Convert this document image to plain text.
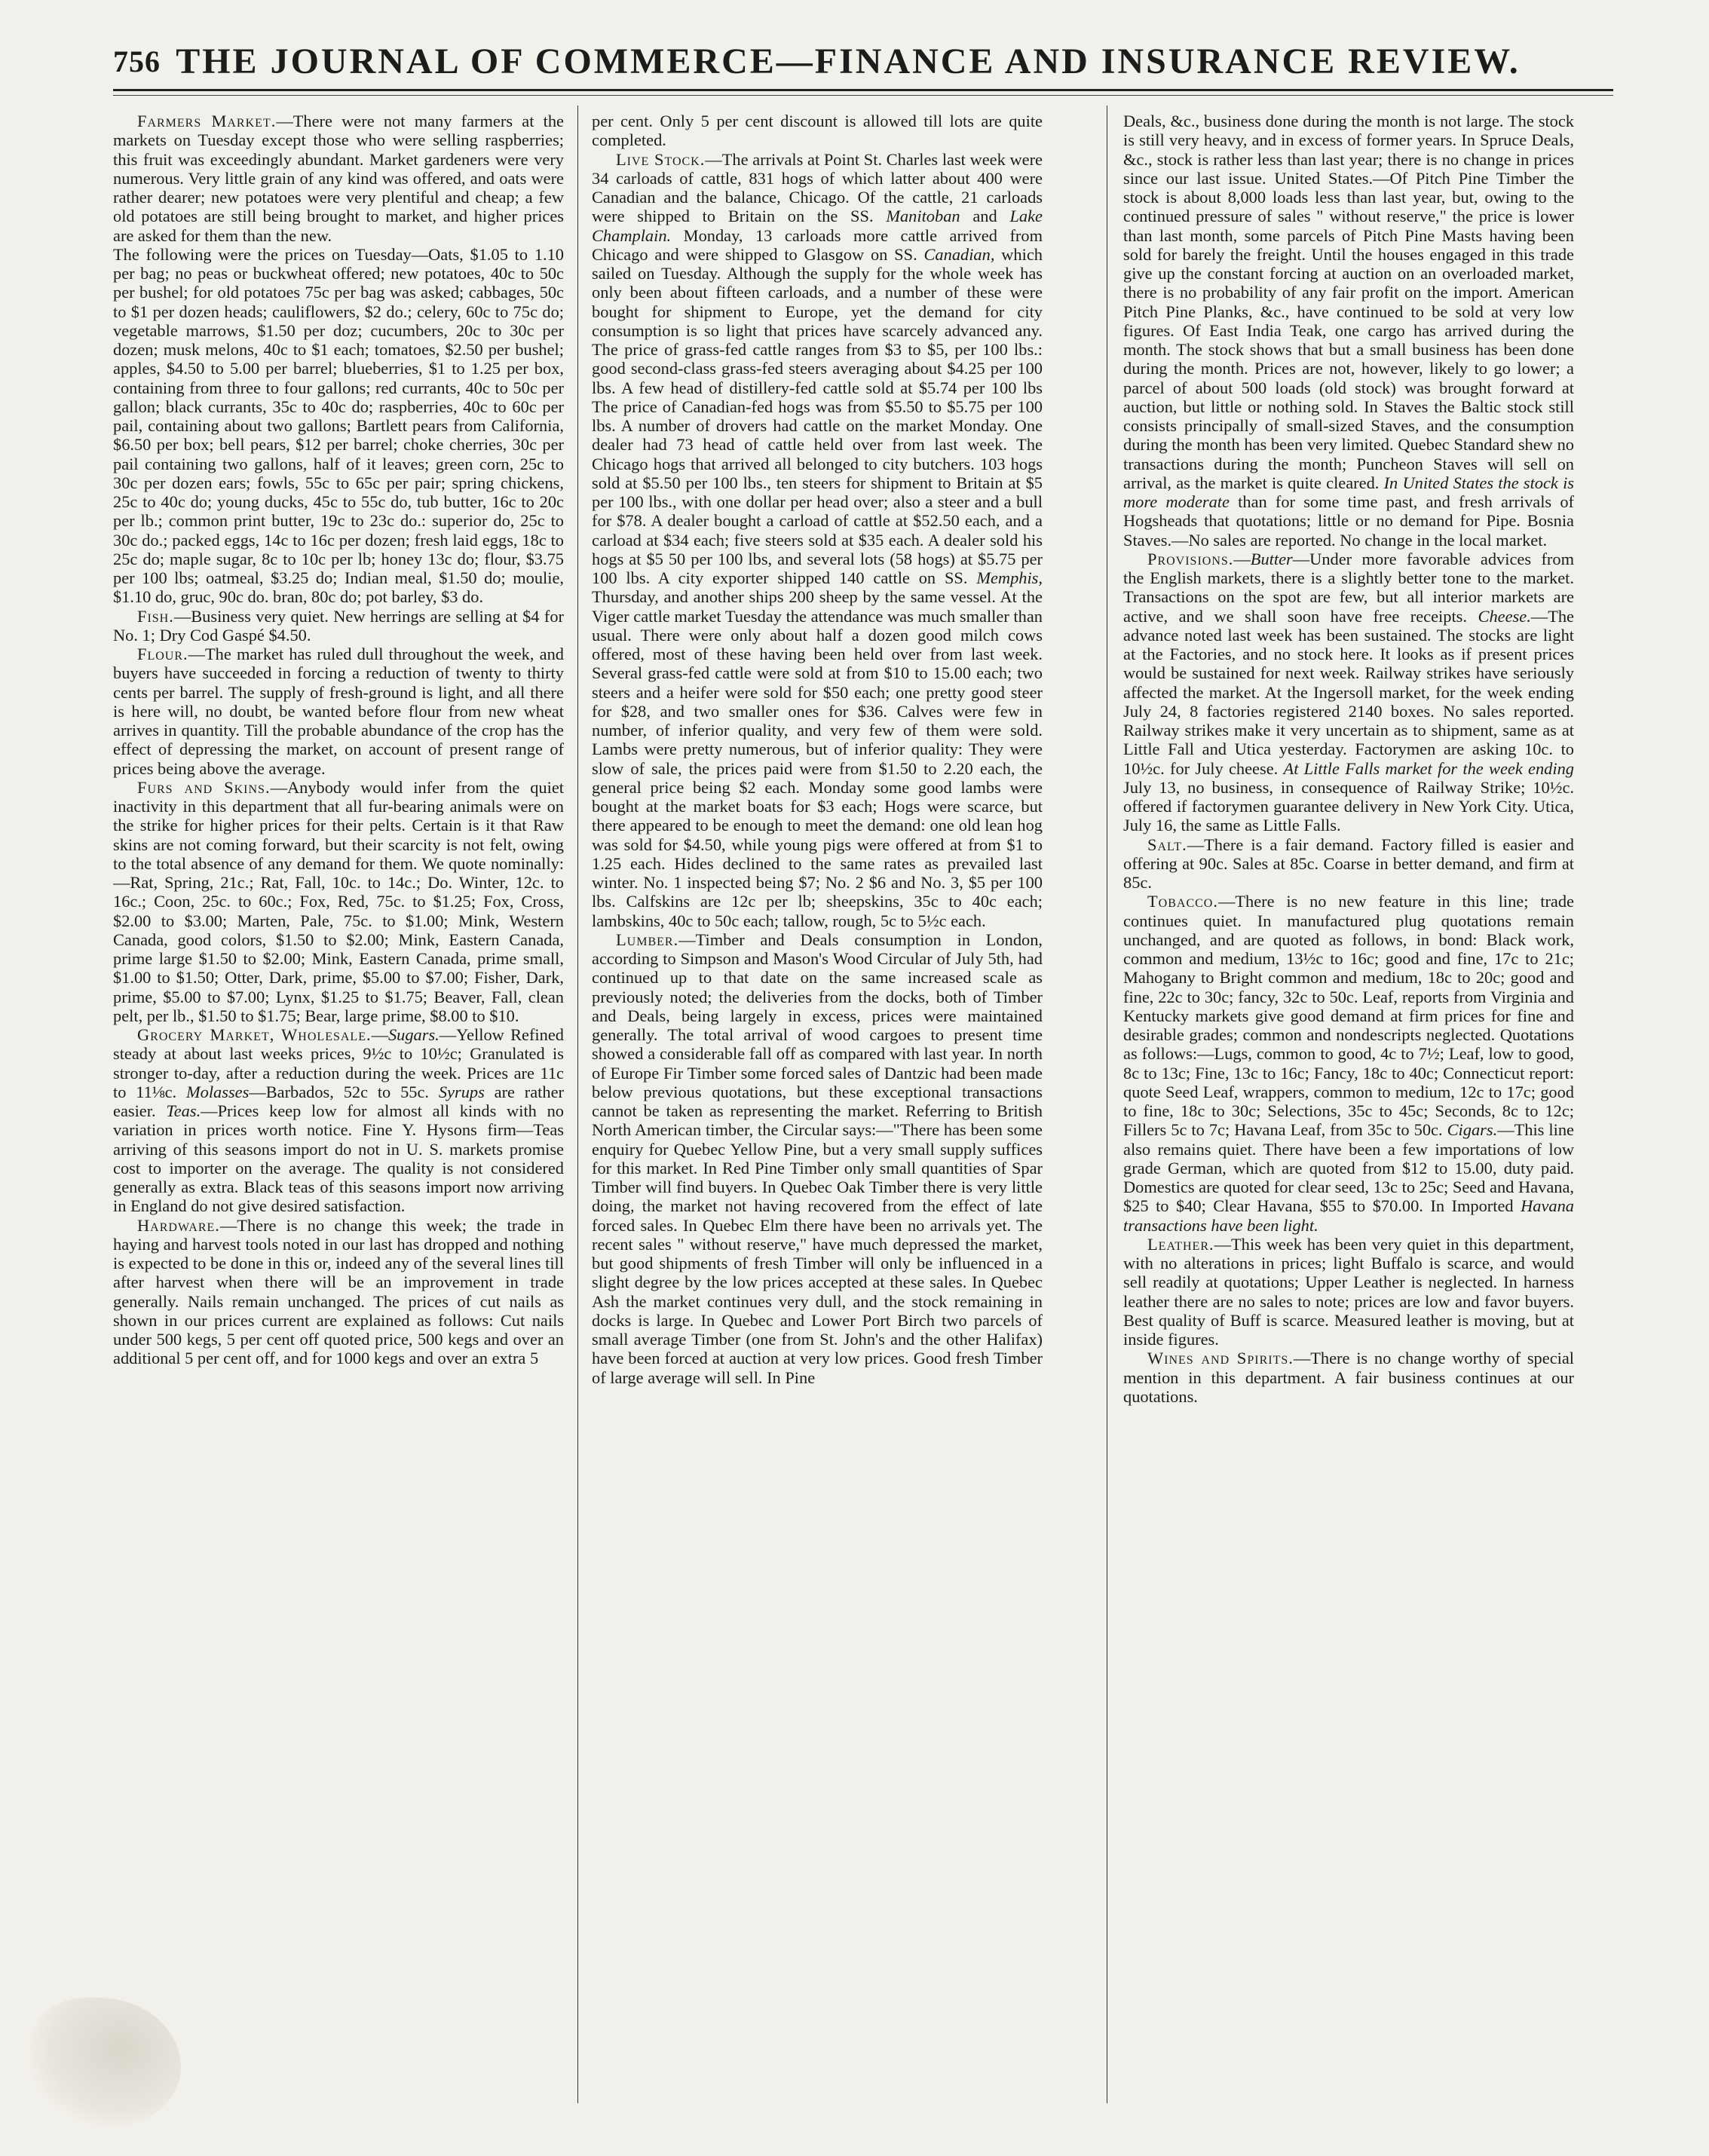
756 THE JOURNAL OF COMMERCE—FINANCE AND INSURANCE REVIEW.

Farmers Market.—There were not many farmers at the markets on Tuesday except those who were selling raspberries; this fruit was exceedingly abundant. Market gardeners were very numerous. Very little grain of any kind was offered, and oats were rather dearer; new potatoes were very plentiful and cheap; a few old potatoes are still being brought to market, and higher prices are asked for them than the new.

The following were the prices on Tuesday—Oats, $1.05 to 1.10 per bag; no peas or buckwheat offered; new potatoes, 40c to 50c per bushel; for old potatoes 75c per bag was asked; cabbages, 50c to $1 per dozen heads; cauliflowers, $2 do.; celery, 60c to 75c do; vegetable marrows, $1.50 per doz; cucumbers, 20c to 30c per dozen; musk melons, 40c to $1 each; tomatoes, $2.50 per bushel; apples, $4.50 to 5.00 per barrel; blueberries, $1 to 1.25 per box, containing from three to four gallons; red currants, 40c to 50c per gallon; black currants, 35c to 40c do; raspberries, 40c to 60c per pail, containing about two gallons; Bartlett pears from California, $6.50 per box; bell pears, $12 per barrel; choke cherries, 30c per pail containing two gallons, half of it leaves; green corn, 25c to 30c per dozen ears; fowls, 55c to 65c per pair; spring chickens, 25c to 40c do; young ducks, 45c to 55c do, tub butter, 16c to 20c per lb.; common print butter, 19c to 23c do.: superior do, 25c to 30c do.; packed eggs, 14c to 16c per dozen; fresh laid eggs, 18c to 25c do; maple sugar, 8c to 10c per lb; honey 13c do; flour, $3.75 per 100 lbs; oatmeal, $3.25 do; Indian meal, $1.50 do; moulie, $1.10 do, gruc, 90c do. bran, 80c do; pot barley, $3 do.

Fish.—Business very quiet. New herrings are selling at $4 for No. 1; Dry Cod Gaspé $4.50.

Flour.—The market has ruled dull throughout the week, and buyers have succeeded in forcing a reduction of twenty to thirty cents per barrel. The supply of fresh-ground is light, and all there is here will, no doubt, be wanted before flour from new wheat arrives in quantity. Till the probable abundance of the crop has the effect of depressing the market, on account of present range of prices being above the average.

Furs and Skins.—Anybody would infer from the quiet inactivity in this department that all fur-bearing animals were on the strike for higher prices for their pelts. Certain is it that Raw skins are not coming forward, but their scarcity is not felt, owing to the total absence of any demand for them. We quote nominally:—Rat, Spring, 21c.; Rat, Fall, 10c. to 14c.; Do. Winter, 12c. to 16c.; Coon, 25c. to 60c.; Fox, Red, 75c. to $1.25; Fox, Cross, $2.00 to $3.00; Marten, Pale, 75c. to $1.00; Mink, Western Canada, good colors, $1.50 to $2.00; Mink, Eastern Canada, prime large $1.50 to $2.00; Mink, Eastern Canada, prime small, $1.00 to $1.50; Otter, Dark, prime, $5.00 to $7.00; Fisher, Dark, prime, $5.00 to $7.00; Lynx, $1.25 to $1.75; Beaver, Fall, clean pelt, per lb., $1.50 to $1.75; Bear, large prime, $8.00 to $10.

Grocery Market, Wholesale.—Sugars.—Yellow Refined steady at about last weeks prices, 9½c to 10½c; Granulated is stronger to-day, after a reduction during the week. Prices are 11c to 11⅛c. Molasses—Barbados, 52c to 55c. Syrups are rather easier. Teas.—Prices keep low for almost all kinds with no variation in prices worth notice. Fine Y. Hysons firm—Teas arriving of this seasons import do not in U. S. markets promise cost to importer on the average. The quality is not considered generally as extra. Black teas of this seasons import now arriving in England do not give desired satisfaction.

Hardware.—There is no change this week; the trade in haying and harvest tools noted in our last has dropped and nothing is expected to be done in this or, indeed any of the several lines till after harvest when there will be an improvement in trade generally. Nails remain unchanged. The prices of cut nails as shown in our prices current are explained as follows: Cut nails under 500 kegs, 5 per cent off quoted price, 500 kegs and over an additional 5 per cent off, and for 1000 kegs and over an extra 5

per cent. Only 5 per cent discount is allowed till lots are quite completed.

Live Stock.—The arrivals at Point St. Charles last week were 34 carloads of cattle, 831 hogs of which latter about 400 were Canadian and the balance, Chicago. Of the cattle, 21 carloads were shipped to Britain on the SS. Manitoban and Lake Champlain. Monday, 13 carloads more cattle arrived from Chicago and were shipped to Glasgow on SS. Canadian, which sailed on Tuesday. Although the supply for the whole week has only been about fifteen carloads, and a number of these were bought for shipment to Europe, yet the demand for city consumption is so light that prices have scarcely advanced any. The price of grass-fed cattle ranges from $3 to $5, per 100 lbs.: good second-class grass-fed steers averaging about $4.25 per 100 lbs. A few head of distillery-fed cattle sold at $5.74 per 100 lbs The price of Canadian-fed hogs was from $5.50 to $5.75 per 100 lbs. A number of drovers had cattle on the market Monday. One dealer had 73 head of cattle held over from last week. The Chicago hogs that arrived all belonged to city butchers. 103 hogs sold at $5.50 per 100 lbs., ten steers for shipment to Britain at $5 per 100 lbs., with one dollar per head over; also a steer and a bull for $78. A dealer bought a carload of cattle at $52.50 each, and a carload at $34 each; five steers sold at $35 each. A dealer sold his hogs at $5 50 per 100 lbs, and several lots (58 hogs) at $5.75 per 100 lbs. A city exporter shipped 140 cattle on SS. Memphis, Thursday, and another ships 200 sheep by the same vessel. At the Viger cattle market Tuesday the attendance was much smaller than usual. There were only about half a dozen good milch cows offered, most of these having been held over from last week. Several grass-fed cattle were sold at from $10 to 15.00 each; two steers and a heifer were sold for $50 each; one pretty good steer for $28, and two smaller ones for $36. Calves were few in number, of inferior quality, and very few of them were sold. Lambs were pretty numerous, but of inferior quality: They were slow of sale, the prices paid were from $1.50 to 2.20 each, the general price being $2 each. Monday some good lambs were bought at the market boats for $3 each; Hogs were scarce, but there appeared to be enough to meet the demand: one old lean hog was sold for $4.50, while young pigs were offered at from $1 to 1.25 each. Hides declined to the same rates as prevailed last winter. No. 1 inspected being $7; No. 2 $6 and No. 3, $5 per 100 lbs. Calfskins are 12c per lb; sheepskins, 35c to 40c each; lambskins, 40c to 50c each; tallow, rough, 5c to 5½c each.

Lumber.—Timber and Deals consumption in London, according to Simpson and Mason's Wood Circular of July 5th, had continued up to that date on the same increased scale as previously noted; the deliveries from the docks, both of Timber and Deals, being largely in excess, prices were maintained generally. The total arrival of wood cargoes to present time showed a considerable fall off as compared with last year. In north of Europe Fir Timber some forced sales of Dantzic had been made below previous quotations, but these exceptional transactions cannot be taken as representing the market. Referring to British North American timber, the Circular says:—"There has been some enquiry for Quebec Yellow Pine, but a very small supply suffices for this market. In Red Pine Timber only small quantities of Spar Timber will find buyers. In Quebec Oak Timber there is very little doing, the market not having recovered from the effect of late forced sales. In Quebec Elm there have been no arrivals yet. The recent sales " without reserve," have much depressed the market, but good shipments of fresh Timber will only be influenced in a slight degree by the low prices accepted at these sales. In Quebec Ash the market continues very dull, and the stock remaining in docks is large. In Quebec and Lower Port Birch two parcels of small average Timber (one from St. John's and the other Halifax) have been forced at auction at very low prices. Good fresh Timber of large average will sell. In Pine

Deals, &c., business done during the month is not large. The stock is still very heavy, and in excess of former years. In Spruce Deals, &c., stock is rather less than last year; there is no change in prices since our last issue. United States.—Of Pitch Pine Timber the stock is about 8,000 loads less than last year, but, owing to the continued pressure of sales " without reserve," the price is lower than last month, some parcels of Pitch Pine Masts having been sold for barely the freight. Until the houses engaged in this trade give up the constant forcing at auction on an overloaded market, there is no probability of any fair profit on the import. American Pitch Pine Planks, &c., have continued to be sold at very low figures. Of East India Teak, one cargo has arrived during the month. The stock shows that but a small business has been done during the month. Prices are not, however, likely to go lower; a parcel of about 500 loads (old stock) was brought forward at auction, but little or nothing sold. In Staves the Baltic stock still consists principally of small-sized Staves, and the consumption during the month has been very limited. Quebec Standard shew no transactions during the month; Puncheon Staves will sell on arrival, as the market is quite cleared. In United States the stock is more moderate than for some time past, and fresh arrivals of Hogsheads that quotations; little or no demand for Pipe. Bosnia Staves.—No sales are reported. No change in the local market.

Provisions.—Butter—Under more favorable advices from the English markets, there is a slightly better tone to the market. Transactions on the spot are few, but all interior markets are active, and we shall soon have free receipts. Cheese.—The advance noted last week has been sustained. The stocks are light at the Factories, and no stock here. It looks as if present prices would be sustained for next week. Railway strikes have seriously affected the market. At the Ingersoll market, for the week ending July 24, 8 factories registered 2140 boxes. No sales reported. Railway strikes make it very uncertain as to shipment, same as at Little Fall and Utica yesterday. Factorymen are asking 10c. to 10½c. for July cheese. At Little Falls market for the week ending July 13, no business, in consequence of Railway Strike; 10½c. offered if factorymen guarantee delivery in New York City. Utica, July 16, the same as Little Falls.

Salt.—There is a fair demand. Factory filled is easier and offering at 90c. Sales at 85c. Coarse in better demand, and firm at 85c.

Tobacco.—There is no new feature in this line; trade continues quiet. In manufactured plug quotations remain unchanged, and are quoted as follows, in bond: Black work, common and medium, 13½c to 16c; good and fine, 17c to 21c; Mahogany to Bright common and medium, 18c to 20c; good and fine, 22c to 30c; fancy, 32c to 50c. Leaf, reports from Virginia and Kentucky markets give good demand at firm prices for fine and desirable grades; common and nondescripts neglected. Quotations as follows:—Lugs, common to good, 4c to 7½; Leaf, low to good, 8c to 13c; Fine, 13c to 16c; Fancy, 18c to 40c; Connecticut report: quote Seed Leaf, wrappers, common to medium, 12c to 17c; good to fine, 18c to 30c; Selections, 35c to 45c; Seconds, 8c to 12c; Fillers 5c to 7c; Havana Leaf, from 35c to 50c. Cigars.—This line also remains quiet. There have been a few importations of low grade German, which are quoted from $12 to 15.00, duty paid. Domestics are quoted for clear seed, 13c to 25c; Seed and Havana, $25 to $40; Clear Havana, $55 to $70.00. In Imported Havana transactions have been light.

Leather.—This week has been very quiet in this department, with no alterations in prices; light Buffalo is scarce, and would sell readily at quotations; Upper Leather is neglected. In harness leather there are no sales to note; prices are low and favor buyers. Best quality of Buff is scarce. Measured leather is moving, but at inside figures.

Wines and Spirits.—There is no change worthy of special mention in this department. A fair business continues at our quotations.
